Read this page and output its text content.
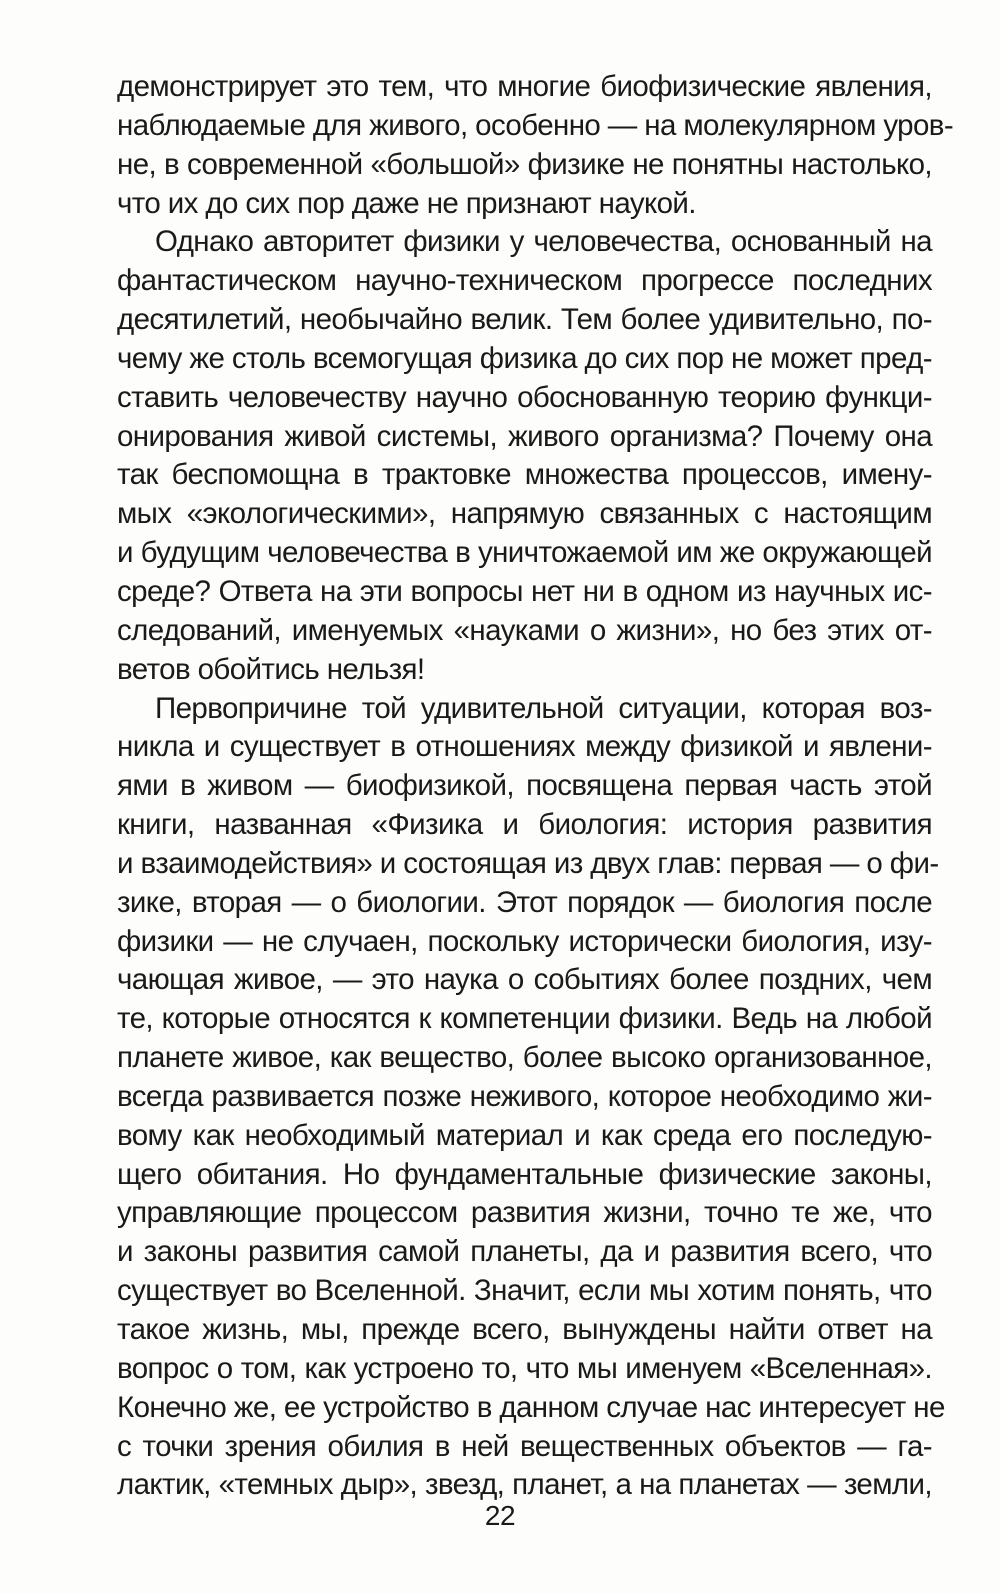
демонстрирует это тем, что многие биофизические явления,
наблюдаемые для живого, особенно — на молекулярном уров-
не, в современной «большой» физике не понятны настолько,
что их до сих пор даже не признают наукой.
Однако авторитет физики у человечества, основанный на
фантастическом научно-техническом прогрессе последних
десятилетий, необычайно велик. Тем более удивительно, по-
чему же столь всемогущая физика до сих пор не может пред-
ставить человечеству научно обоснованную теорию функци-
онирования живой системы, живого организма? Почему она
так беспомощна в трактовке множества процессов, имену-
мых «экологическими», напрямую связанных с настоящим
и будущим человечества в уничтожаемой им же окружающей
среде? Ответа на эти вопросы нет ни в одном из научных ис-
следований, именуемых «науками о жизни», но без этих от-
ветов обойтись нельзя!
Первопричине той удивительной ситуации, которая воз-
никла и существует в отношениях между физикой и явлени-
ями в живом — биофизикой, посвящена первая часть этой
книги, названная «Физика и биология: история развития
и взаимодействия» и состоящая из двух глав: первая — о фи-
зике, вторая — о биологии. Этот порядок — биология после
физики — не случаен, поскольку исторически биология, изу-
чающая живое, — это наука о событиях более поздних, чем
те, которые относятся к компетенции физики. Ведь на любой
планете живое, как вещество, более высоко организованное,
всегда развивается позже неживого, которое необходимо жи-
вому как необходимый материал и как среда его последую-
щего обитания. Но фундаментальные физические законы,
управляющие процессом развития жизни, точно те же, что
и законы развития самой планеты, да и развития всего, что
существует во Вселенной. Значит, если мы хотим понять, что
такое жизнь, мы, прежде всего, вынуждены найти ответ на
вопрос о том, как устроено то, что мы именуем «Вселенная».
Конечно же, ее устройство в данном случае нас интересует не
с точки зрения обилия в ней вещественных объектов — га-
лактик, «темных дыр», звезд, планет, а на планетах — земли,
22
